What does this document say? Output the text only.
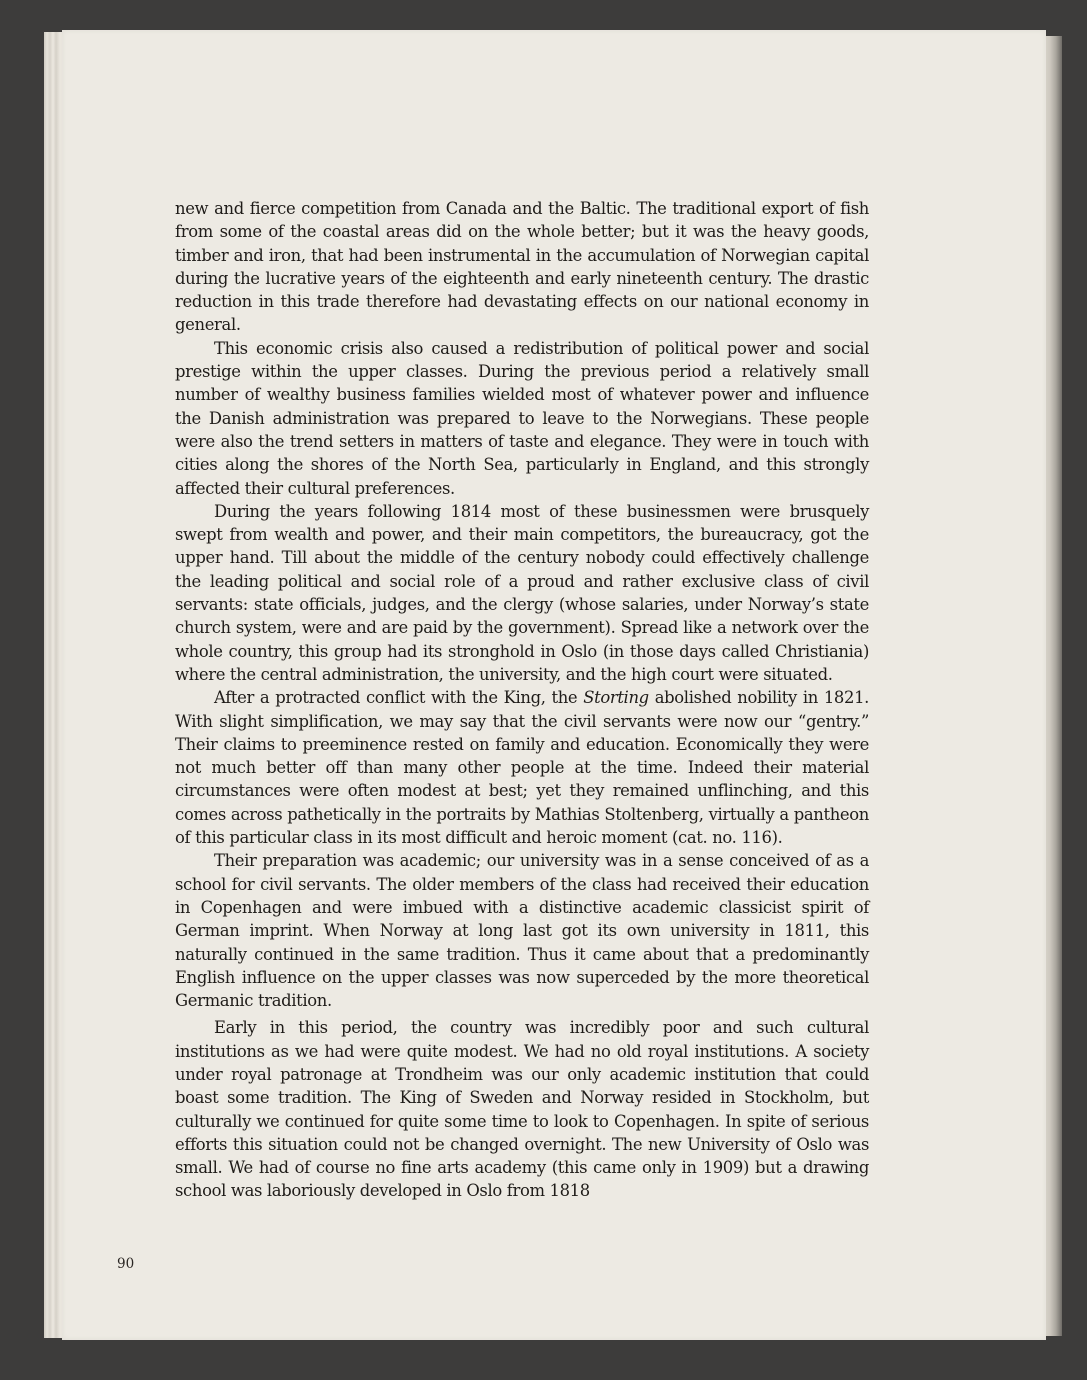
new and fierce competition from Canada and the Baltic. The traditional export of fish from some of the coastal areas did on the whole better; but it was the heavy goods, timber and iron, that had been instrumental in the accumulation of Norwegian capital during the lucrative years of the eighteenth and early nineteenth century. The drastic reduction in this trade therefore had devastating effects on our national economy in general.

This economic crisis also caused a redistribution of political power and social prestige within the upper classes. During the previous period a relatively small number of wealthy business families wielded most of whatever power and influence the Danish administration was prepared to leave to the Norwegians. These people were also the trend setters in matters of taste and elegance. They were in touch with cities along the shores of the North Sea, particularly in England, and this strongly affected their cultural preferences.

During the years following 1814 most of these businessmen were brusquely swept from wealth and power, and their main competitors, the bureaucracy, got the upper hand. Till about the middle of the century nobody could effectively challenge the leading political and social role of a proud and rather exclusive class of civil servants: state officials, judges, and the clergy (whose salaries, under Norway’s state church system, were and are paid by the government). Spread like a network over the whole country, this group had its stronghold in Oslo (in those days called Christiania) where the central administration, the university, and the high court were situated.

After a protracted conflict with the King, the Storting abolished nobility in 1821. With slight simplification, we may say that the civil servants were now our “gentry.” Their claims to preeminence rested on family and education. Economically they were not much better off than many other people at the time. Indeed their material circumstances were often modest at best; yet they remained unflinching, and this comes across pathetically in the portraits by Mathias Stoltenberg, virtually a pantheon of this particular class in its most difficult and heroic moment (cat. no. 116).

Their preparation was academic; our university was in a sense conceived of as a school for civil servants. The older members of the class had received their education in Copenhagen and were imbued with a distinctive academic classicist spirit of German imprint. When Norway at long last got its own university in 1811, this naturally continued in the same tradition. Thus it came about that a predominantly English influence on the upper classes was now superceded by the more theoretical Germanic tradition.

Early in this period, the country was incredibly poor and such cultural institutions as we had were quite modest. We had no old royal institutions. A society under royal patronage at Trondheim was our only academic institution that could boast some tradition. The King of Sweden and Norway resided in Stockholm, but culturally we continued for quite some time to look to Copenhagen. In spite of serious efforts this situation could not be changed overnight. The new University of Oslo was small. We had of course no fine arts academy (this came only in 1909) but a drawing school was laboriously developed in Oslo from 1818

90
